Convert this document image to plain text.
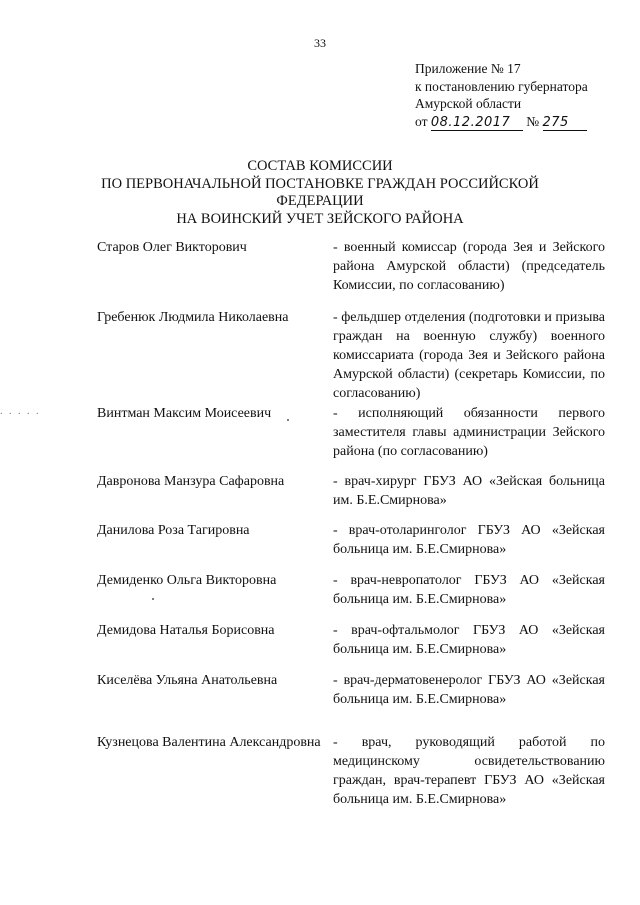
33
Приложение № 17
к постановлению губернатора
Амурской области
от 08.12.2017 № 275
СОСТАВ КОМИССИИ
ПО ПЕРВОНАЧАЛЬНОЙ ПОСТАНОВКЕ ГРАЖДАН РОССИЙСКОЙ ФЕДЕРАЦИИ
НА ВОИНСКИЙ УЧЕТ ЗЕЙСКОГО РАЙОНА
Старов Олег Викторович	- военный комиссар (города Зея и Зейского района Амурской области) (председатель Комиссии, по согласованию)
Гребенюк Людмила Николаевна	- фельдшер отделения (подготовки и призыва граждан на военную службу) военного комиссариата (города Зея и Зейского района Амурской области) (секретарь Комиссии, по согласованию)
Винтман Максим Моисеевич	- исполняющий обязанности первого заместителя главы администрации Зейского района (по согласованию)
Давронова Манзура Сафаровна	- врач-хирург ГБУЗ АО «Зейская больница им. Б.Е.Смирнова»
Данилова Роза Тагировна	- врач-отоларинголог ГБУЗ АО «Зейская больница им. Б.Е.Смирнова»
Демиденко Ольга Викторовна	- врач-невропатолог ГБУЗ АО «Зейская больница им. Б.Е.Смирнова»
Демидова Наталья Борисовна	- врач-офтальмолог ГБУЗ АО «Зейская больница им. Б.Е.Смирнова»
Киселёва Ульяна Анатольевна	- врач-дерматовенеролог ГБУЗ АО «Зейская больница им. Б.Е.Смирнова»
Кузнецова Валентина Александровна - врач, руководящий работой по медицинскому освидетельствованию граждан, врач-терапевт ГБУЗ АО «Зейская больница им. Б.Е.Смирнова»
. . . . .
